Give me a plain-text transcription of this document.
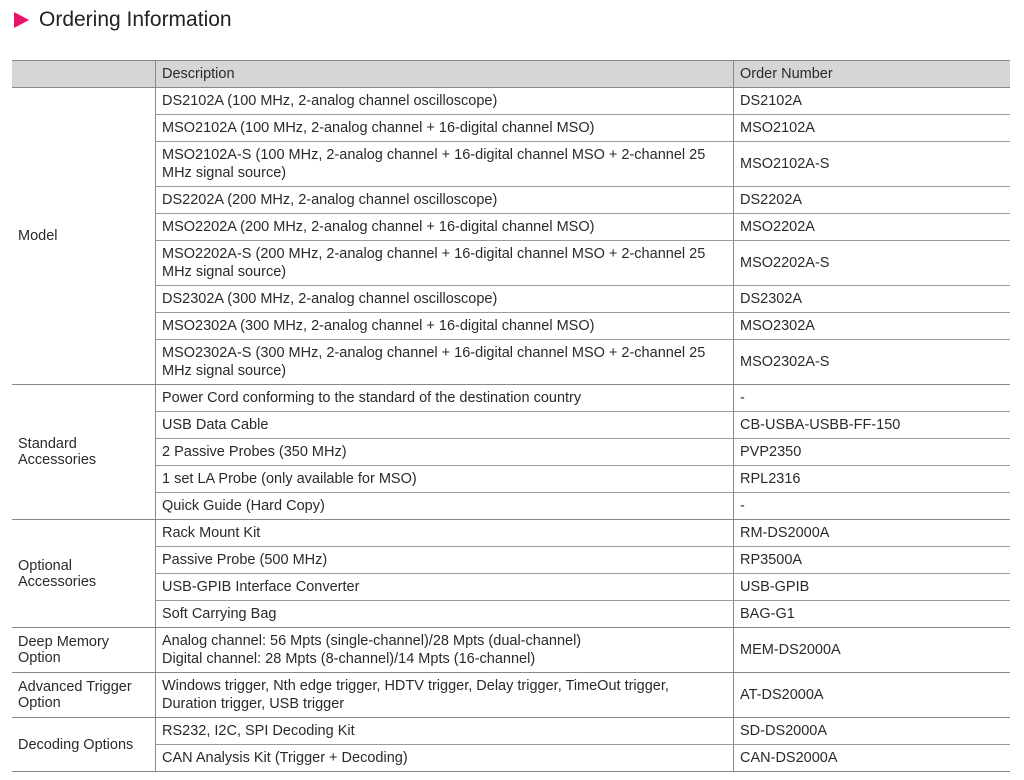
Ordering Information
	Description	Order Number
Model	DS2102A (100 MHz, 2-analog channel oscilloscope)	DS2102A
	MSO2102A (100 MHz, 2-analog channel + 16-digital channel MSO)	MSO2102A
	MSO2102A-S (100 MHz, 2-analog channel + 16-digital channel MSO + 2-channel 25 MHz signal source)	MSO2102A-S
	DS2202A (200 MHz, 2-analog channel oscilloscope)	DS2202A
	MSO2202A (200 MHz, 2-analog channel + 16-digital channel MSO)	MSO2202A
	MSO2202A-S (200 MHz, 2-analog channel + 16-digital channel MSO + 2-channel 25 MHz signal source)	MSO2202A-S
	DS2302A (300 MHz, 2-analog channel oscilloscope)	DS2302A
	MSO2302A (300 MHz, 2-analog channel + 16-digital channel MSO)	MSO2302A
	MSO2302A-S (300 MHz, 2-analog channel + 16-digital channel MSO + 2-channel 25 MHz signal source)	MSO2302A-S
Standard Accessories	Power Cord conforming to the standard of the destination country	-
	USB Data Cable	CB-USBA-USBB-FF-150
	2 Passive Probes (350 MHz)	PVP2350
	1 set LA Probe (only available for MSO)	RPL2316
	Quick Guide (Hard Copy)	-
Optional Accessories	Rack Mount Kit	RM-DS2000A
	Passive Probe (500 MHz)	RP3500A
	USB-GPIB Interface Converter	USB-GPIB
	Soft Carrying Bag	BAG-G1
Deep Memory Option	Analog channel: 56 Mpts (single-channel)/28 Mpts (dual-channel)
Digital channel: 28 Mpts (8-channel)/14 Mpts (16-channel)	MEM-DS2000A
Advanced Trigger Option	Windows trigger, Nth edge trigger, HDTV trigger, Delay trigger, TimeOut trigger, Duration trigger, USB trigger	AT-DS2000A
Decoding Options	RS232, I2C, SPI Decoding Kit	SD-DS2000A
	CAN Analysis Kit (Trigger + Decoding)	CAN-DS2000A
